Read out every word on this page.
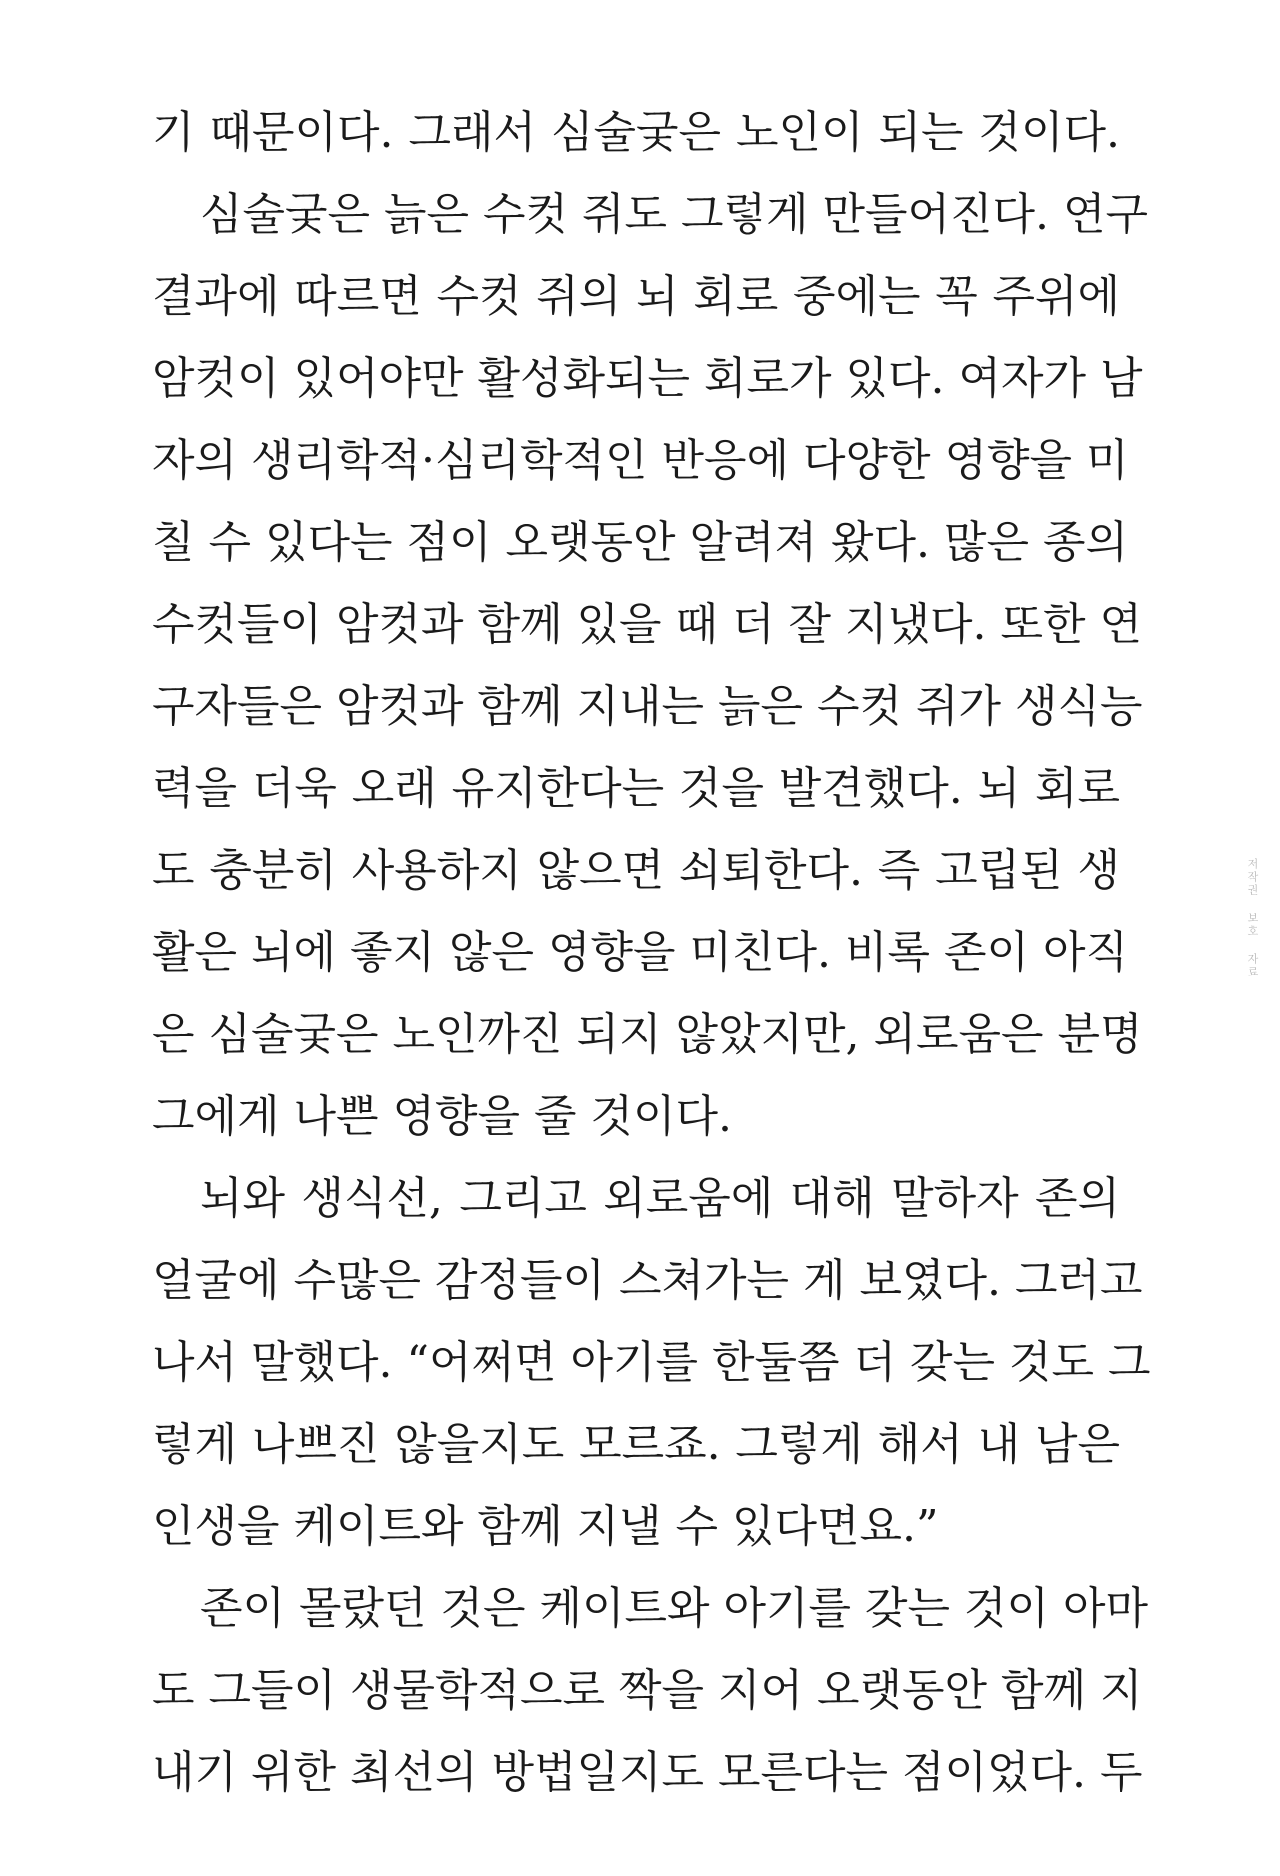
기 때문이다. 그래서 심술궂은 노인이 되는 것이다.
심술궂은 늙은 수컷 쥐도 그렇게 만들어진다. 연구
결과에 따르면 수컷 쥐의 뇌 회로 중에는 꼭 주위에
암컷이 있어야만 활성화되는 회로가 있다. 여자가 남
자의 생리학적·심리학적인 반응에 다양한 영향을 미
칠 수 있다는 점이 오랫동안 알려져 왔다. 많은 종의
수컷들이 암컷과 함께 있을 때 더 잘 지냈다. 또한 연
구자들은 암컷과 함께 지내는 늙은 수컷 쥐가 생식능
력을 더욱 오래 유지한다는 것을 발견했다. 뇌 회로
도 충분히 사용하지 않으면 쇠퇴한다. 즉 고립된 생
활은 뇌에 좋지 않은 영향을 미친다. 비록 존이 아직
은 심술궂은 노인까진 되지 않았지만, 외로움은 분명
그에게 나쁜 영향을 줄 것이다.
뇌와 생식선, 그리고 외로움에 대해 말하자 존의
얼굴에 수많은 감정들이 스쳐가는 게 보였다. 그러고
나서 말했다. “어쩌면 아기를 한둘쯤 더 갖는 것도 그
렇게 나쁘진 않을지도 모르죠. 그렇게 해서 내 남은
인생을 케이트와 함께 지낼 수 있다면요.”
존이 몰랐던 것은 케이트와 아기를 갖는 것이 아마
도 그들이 생물학적으로 짝을 지어 오랫동안 함께 지
내기 위한 최선의 방법일지도 모른다는 점이었다. 두
저작권 보호 자료
